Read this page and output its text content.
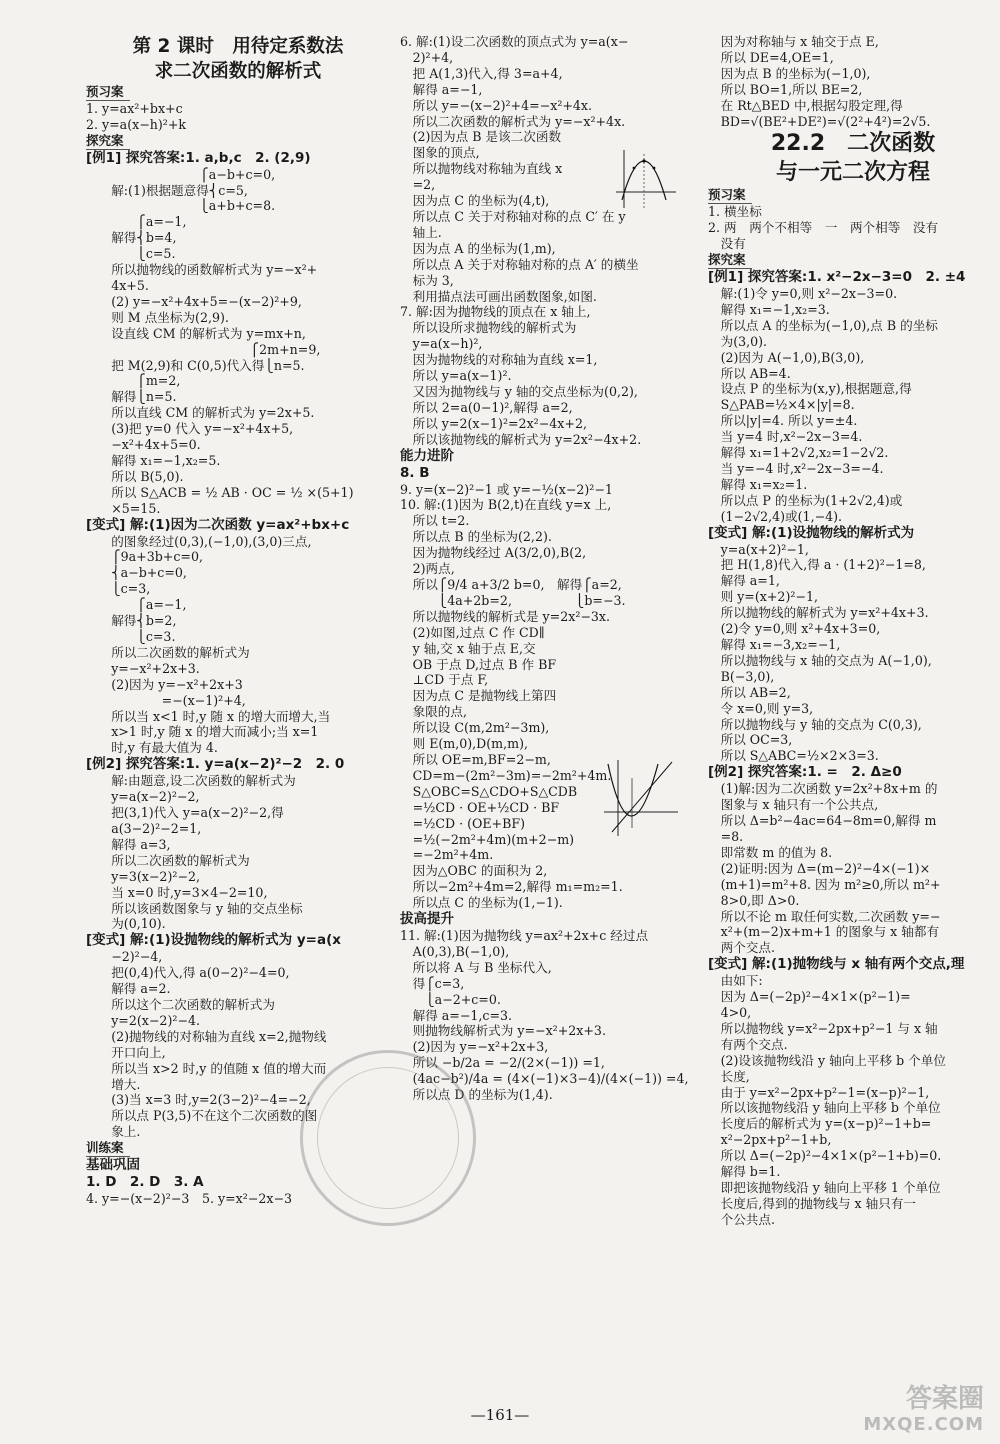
第 2 课时　用待定系数法
求二次函数的解析式
预习案
1. y=ax²+bx+c
2. y=a(x−h)²+k
探究案
[例1] 探究答案:1. a,b,c　2. (2,9)
　　　　　　　　　⎧a−b+c=0,
　　解:(1)根据题意得⎨c=5,
　　　　　　　　　⎩a+b+c=8.
　　　　⎧a=−1,
　　解得⎨b=4,
　　　　⎩c=5.
　　所以抛物线的函数解析式为 y=−x²+
　　4x+5.
　　(2) y=−x²+4x+5=−(x−2)²+9,
　　则 M 点坐标为(2,9).
　　设直线 CM 的解析式为 y=mx+n,
　　　　　　　　　　　　　⎧2m+n=9,
　　把 M(2,9)和 C(0,5)代入得⎩n=5.
　　　　⎧m=2,
　　解得⎩n=5.
　　所以直线 CM 的解析式为 y=2x+5.
　　(3)把 y=0 代入 y=−x²+4x+5,
　　−x²+4x+5=0.
　　解得 x₁=−1,x₂=5.
　　所以 B(5,0).
　　所以 S△ACB = ½ AB · OC = ½ ×(5+1)
　　×5=15.
[变式] 解:(1)因为二次函数 y=ax²+bx+c
　　的图象经过(0,3),(−1,0),(3,0)三点,
　　⎧9a+3b+c=0,
　　⎨a−b+c=0,
　　⎩c=3,
　　　　⎧a=−1,
　　解得⎨b=2,
　　　　⎩c=3.
　　所以二次函数的解析式为
　　y=−x²+2x+3.
　　(2)因为 y=−x²+2x+3
　　　　　　=−(x−1)²+4,
　　所以当 x<1 时,y 随 x 的增大而增大,当
　　x>1 时,y 随 x 的增大而减小;当 x=1
　　时,y 有最大值为 4.
[例2] 探究答案:1. y=a(x−2)²−2　2. 0
　　解:由题意,设二次函数的解析式为
　　y=a(x−2)²−2,
　　把(3,1)代入 y=a(x−2)²−2,得
　　a(3−2)²−2=1,
　　解得 a=3,
　　所以二次函数的解析式为
　　y=3(x−2)²−2,
　　当 x=0 时,y=3×4−2=10,
　　所以该函数图象与 y 轴的交点坐标
　　为(0,10).
[变式] 解:(1)设抛物线的解析式为 y=a(x
　　−2)²−4,
　　把(0,4)代入,得 a(0−2)²−4=0,
　　解得 a=2.
　　所以这个二次函数的解析式为
　　y=2(x−2)²−4.
　　(2)抛物线的对称轴为直线 x=2,抛物线
　　开口向上,
　　所以当 x>2 时,y 的值随 x 值的增大而
　　增大.
　　(3)当 x=3 时,y=2(3−2)²−4=−2,
　　所以点 P(3,5)不在这个二次函数的图
　　象上.
训练案
基础巩固
1. D　2. D　3. A
4. y=−(x−2)²−3　5. y=x²−2x−3
6. 解:(1)设二次函数的顶点式为 y=a(x−
　2)²+4,
　把 A(1,3)代入,得 3=a+4,
　解得 a=−1,
　所以 y=−(x−2)²+4=−x²+4x.
　所以二次函数的解析式为 y=−x²+4x.
　(2)因为点 B 是该二次函数
　图象的顶点,
　所以抛物线对称轴为直线 x
　=2,
　因为点 C 的坐标为(4,t),
　所以点 C 关于对称轴对称的点 C′ 在 y
　轴上.
　因为点 A 的坐标为(1,m),
　所以点 A 关于对称轴对称的点 A′ 的横坐
　标为 3,
　利用描点法可画出函数图象,如图.
7. 解:因为抛物线的顶点在 x 轴上,
　所以设所求抛物线的解析式为
　y=a(x−h)²,
　因为抛物线的对称轴为直线 x=1,
　所以 y=a(x−1)².
　又因为抛物线与 y 轴的交点坐标为(0,2),
　所以 2=a(0−1)²,解得 a=2,
　所以 y=2(x−1)²=2x²−4x+2,
　所以该抛物线的解析式为 y=2x²−4x+2.
能力进阶
8. B
9. y=(x−2)²−1 或 y=−½(x−2)²−1
10. 解:(1)因为 B(2,t)在直线 y=x 上,
　所以 t=2.
　所以点 B 的坐标为(2,2).
　因为抛物线经过 A(3/2,0),B(2,
　2)两点,
　所以⎧9/4 a+3/2 b=0,　解得⎧a=2,
　　　⎩4a+2b=2,　　　　　⎩b=−3.
　所以抛物线的解析式是 y=2x²−3x.
　(2)如图,过点 C 作 CD∥
　y 轴,交 x 轴于点 E,交
　OB 于点 D,过点 B 作 BF
　⊥CD 于点 F,
　因为点 C 是抛物线上第四
　象限的点,
　所以设 C(m,2m²−3m),
　则 E(m,0),D(m,m),
　所以 OE=m,BF=2−m,
　CD=m−(2m²−3m)=−2m²+4m.
　S△OBC=S△CDO+S△CDB
　=½CD · OE+½CD · BF
　=½CD · (OE+BF)
　=½(−2m²+4m)(m+2−m)
　=−2m²+4m.
　因为△OBC 的面积为 2,
　所以−2m²+4m=2,解得 m₁=m₂=1.
　所以点 C 的坐标为(1,−1).
拔高提升
11. 解:(1)因为抛物线 y=ax²+2x+c 经过点
　A(0,3),B(−1,0),
　所以将 A 与 B 坐标代入,
　得⎧c=3,
　　⎩a−2+c=0.
　解得 a=−1,c=3.
　则抛物线解析式为 y=−x²+2x+3.
　(2)因为 y=−x²+2x+3,
　所以 −b/2a = −2/(2×(−1)) =1,
　(4ac−b²)/4a = (4×(−1)×3−4)/(4×(−1)) =4,
　所以点 D 的坐标为(1,4).
　因为对称轴与 x 轴交于点 E,
　所以 DE=4,OE=1,
　因为点 B 的坐标为(−1,0),
　所以 BO=1,所以 BE=2,
　在 Rt△BED 中,根据勾股定理,得
　BD=√(BE²+DE²)=√(2²+4²)=2√5.
22.2　二次函数
与一元二次方程
预习案
1. 横坐标
2. 两　两个不相等　一　两个相等　没有
　没有
探究案
[例1] 探究答案:1. x²−2x−3=0　2. ±4
　解:(1)令 y=0,则 x²−2x−3=0.
　解得 x₁=−1,x₂=3.
　所以点 A 的坐标为(−1,0),点 B 的坐标
　为(3,0).
　(2)因为 A(−1,0),B(3,0),
　所以 AB=4.
　设点 P 的坐标为(x,y),根据题意,得
　S△PAB=½×4×|y|=8.
　所以|y|=4. 所以 y=±4.
　当 y=4 时,x²−2x−3=4.
　解得 x₁=1+2√2,x₂=1−2√2.
　当 y=−4 时,x²−2x−3=−4.
　解得 x₁=x₂=1.
　所以点 P 的坐标为(1+2√2,4)或
　(1−2√2,4)或(1,−4).
[变式] 解:(1)设抛物线的解析式为
　y=a(x+2)²−1,
　把 H(1,8)代入,得 a · (1+2)²−1=8,
　解得 a=1,
　则 y=(x+2)²−1,
　所以抛物线的解析式为 y=x²+4x+3.
　(2)令 y=0,则 x²+4x+3=0,
　解得 x₁=−3,x₂=−1,
　所以抛物线与 x 轴的交点为 A(−1,0),
　B(−3,0),
　所以 AB=2,
　令 x=0,则 y=3,
　所以抛物线与 y 轴的交点为 C(0,3),
　所以 OC=3,
　所以 S△ABC=½×2×3=3.
[例2] 探究答案:1. =　2. Δ≥0
　(1)解:因为二次函数 y=2x²+8x+m 的
　图象与 x 轴只有一个公共点,
　所以 Δ=b²−4ac=64−8m=0,解得 m
　=8.
　即常数 m 的值为 8.
　(2)证明:因为 Δ=(m−2)²−4×(−1)×
　(m+1)=m²+8. 因为 m²≥0,所以 m²+
　8>0,即 Δ>0.
　所以不论 m 取任何实数,二次函数 y=−
　x²+(m−2)x+m+1 的图象与 x 轴都有
　两个交点.
[变式] 解:(1)抛物线与 x 轴有两个交点,理
　由如下:
　因为 Δ=(−2p)²−4×1×(p²−1)=
　4>0,
　所以抛物线 y=x²−2px+p²−1 与 x 轴
　有两个交点.
　(2)设该抛物线沿 y 轴向上平移 b 个单位
　长度,
　由于 y=x²−2px+p²−1=(x−p)²−1,
　所以该抛物线沿 y 轴向上平移 b 个单位
　长度后的解析式为 y=(x−p)²−1+b=
　x²−2px+p²−1+b,
　所以 Δ=(−2p)²−4×1×(p²−1+b)=0.
　解得 b=1.
　即把该抛物线沿 y 轴向上平移 1 个单位
　长度后,得到的抛物线与 x 轴只有一
　个公共点.
答案圈
MXQE.COM
—161—
